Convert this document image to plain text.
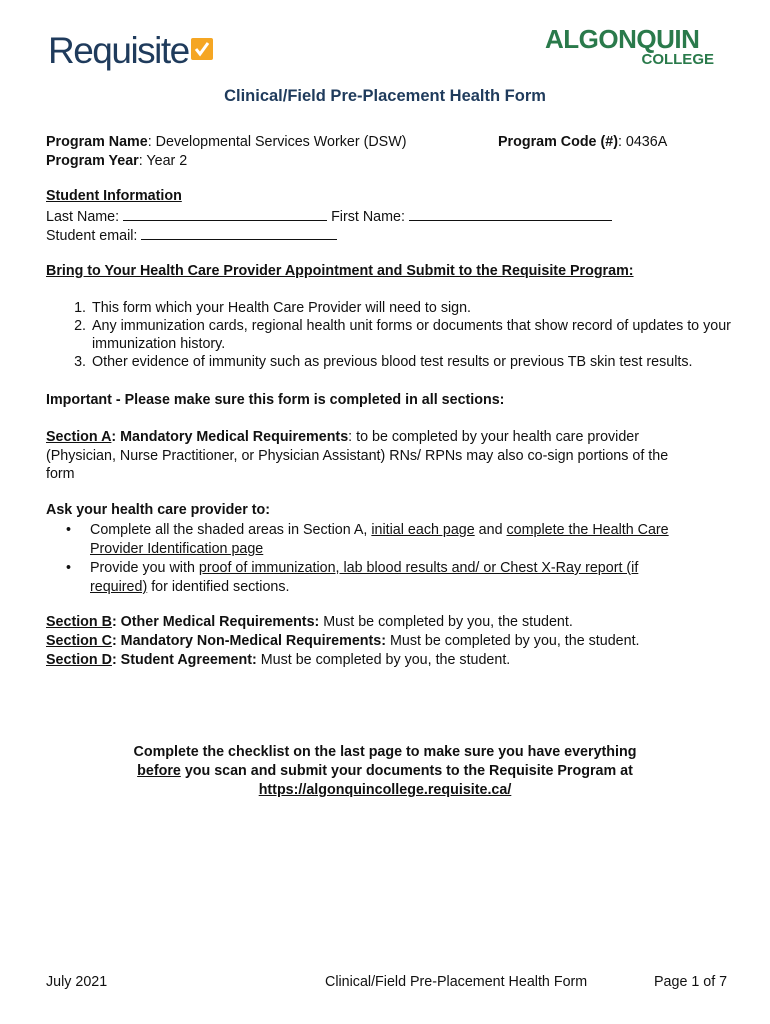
Requisite	ALGONQUIN
COLLEGE
Clinical/Field Pre-Placement Health Form

Program Name: Developmental Services Worker (DSW)	Program Code (#): 0436A

Program Year: Year 2

Student Information

Last Name:	First Name:

Student email:

Bring to Your Health Care Provider Appointment and Submit to the Requisite Program:

1. This form which your Health Care Provider will need to sign.
2. Any immunization cards, regional health unit forms or documents that show record of updates to your immunization history.
3. Other evidence of immunity such as previous blood test results or previous TB skin test results.

Important - Please make sure this form is completed in all sections:

Section A: Mandatory Medical Requirements: to be completed by your health care provider

(Physician, Nurse Practitioner, or Physician Assistant) RNs/ RPNs may also co-sign portions of the

form

Ask your health care provider to:

• Complete all the shaded areas in Section A, initial each page and complete the Health Care
Provider Identification page
• Provide you with proof of immunization, lab blood results and/ or Chest X-Ray report (if
required) for identified sections.

Section B: Other Medical Requirements: Must be completed by you, the student.

Section C: Mandatory Non-Medical Requirements: Must be completed by you, the student.

Section D: Student Agreement: Must be completed by you, the student.

Complete the checklist on the last page to make sure you have everything
before you scan and submit your documents to the Requisite Program at
https://algonquincollege.requisite.ca/
July 2021	Clinical/Field Pre-Placement Health Form	Page 1 of 7
